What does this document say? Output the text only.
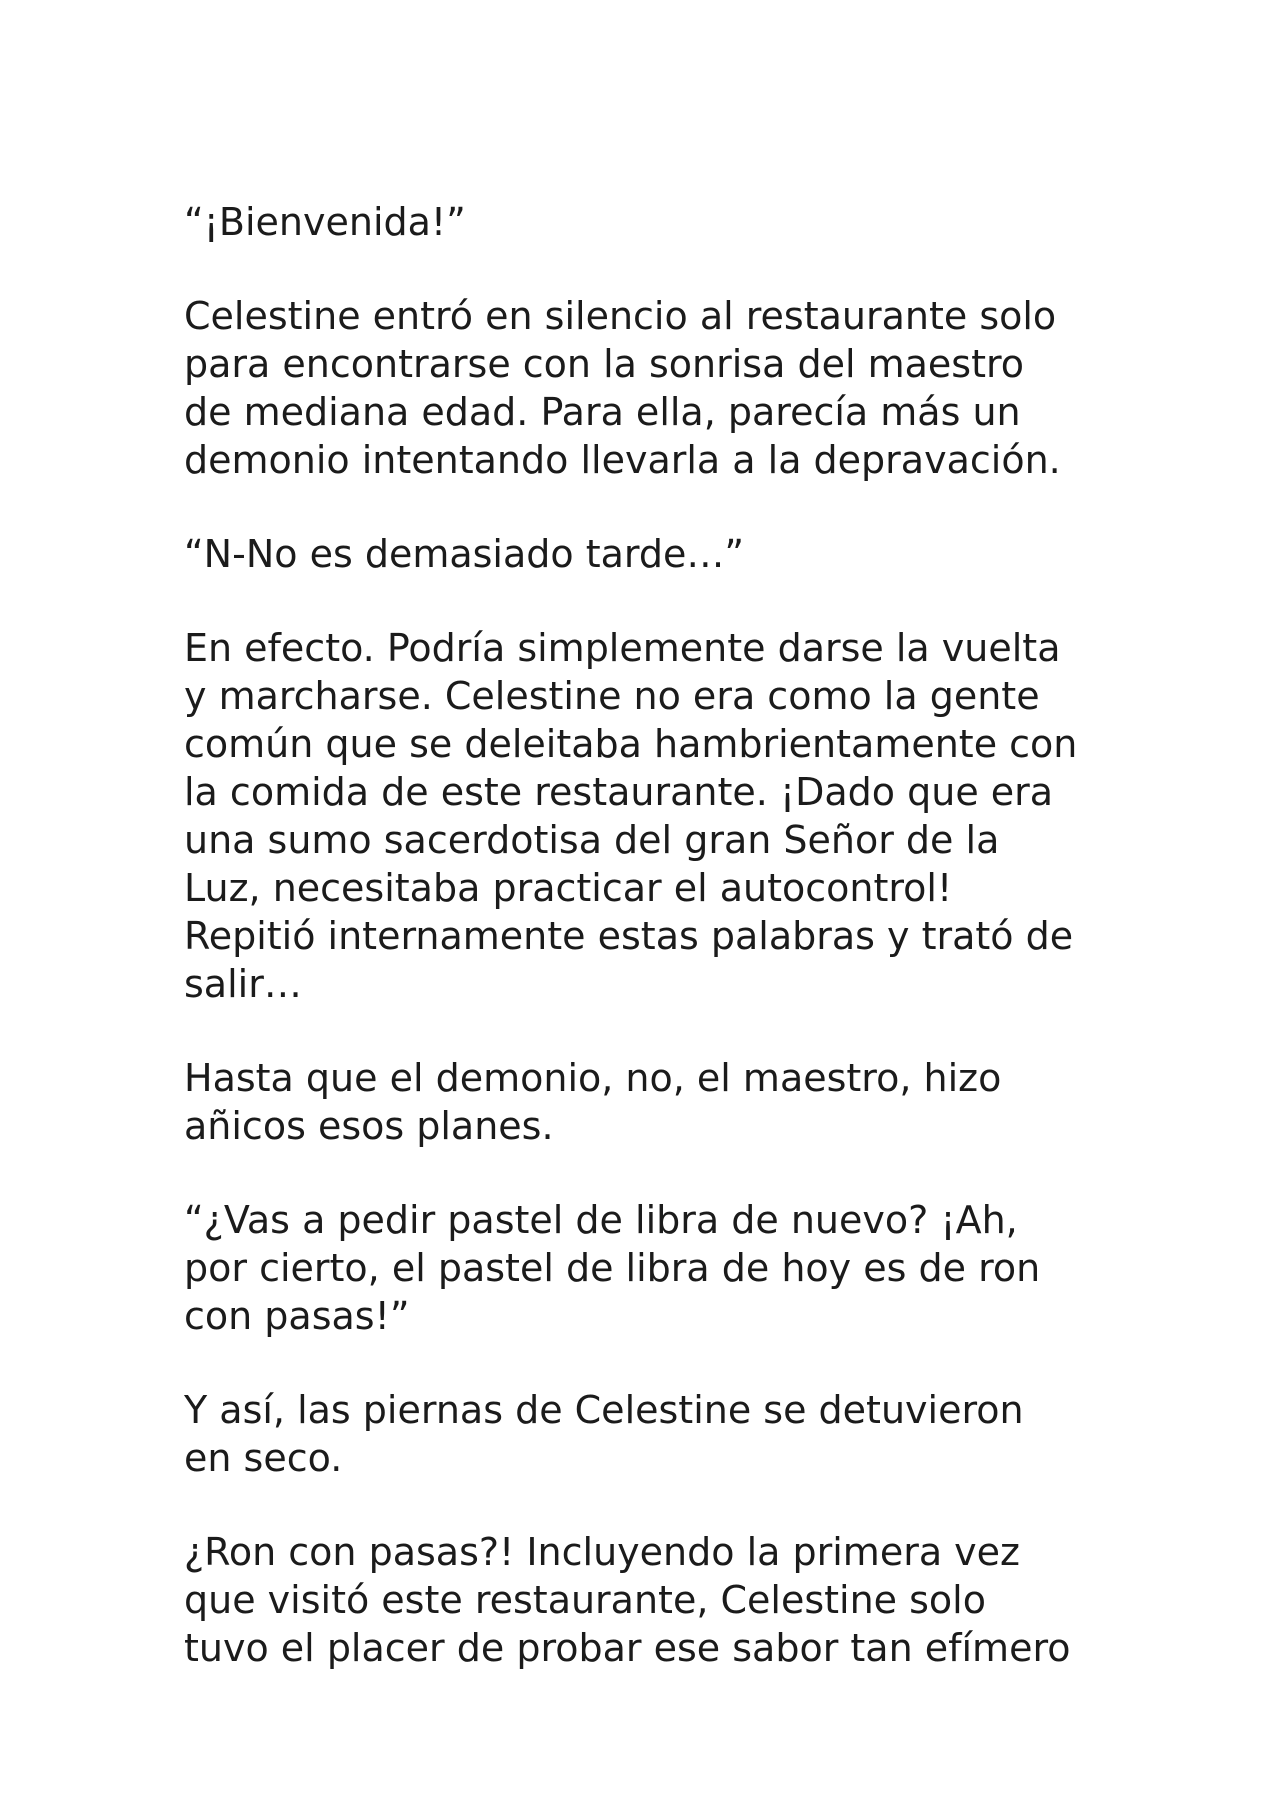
“¡Bienvenida!”

Celestine entró en silencio al restaurante solo
para encontrarse con la sonrisa del maestro
de mediana edad. Para ella, parecía más un
demonio intentando llevarla a la depravación.

“N-No es demasiado tarde…”

En efecto. Podría simplemente darse la vuelta
y marcharse. Celestine no era como la gente
común que se deleitaba hambrientamente con
la comida de este restaurante. ¡Dado que era
una sumo sacerdotisa del gran Señor de la
Luz, necesitaba practicar el autocontrol!
Repitió internamente estas palabras y trató de
salir…

Hasta que el demonio, no, el maestro, hizo
añicos esos planes.

“¿Vas a pedir pastel de libra de nuevo? ¡Ah,
por cierto, el pastel de libra de hoy es de ron
con pasas!”

Y así, las piernas de Celestine se detuvieron
en seco.

¿Ron con pasas?! Incluyendo la primera vez
que visitó este restaurante, Celestine solo
tuvo el placer de probar ese sabor tan efímero
